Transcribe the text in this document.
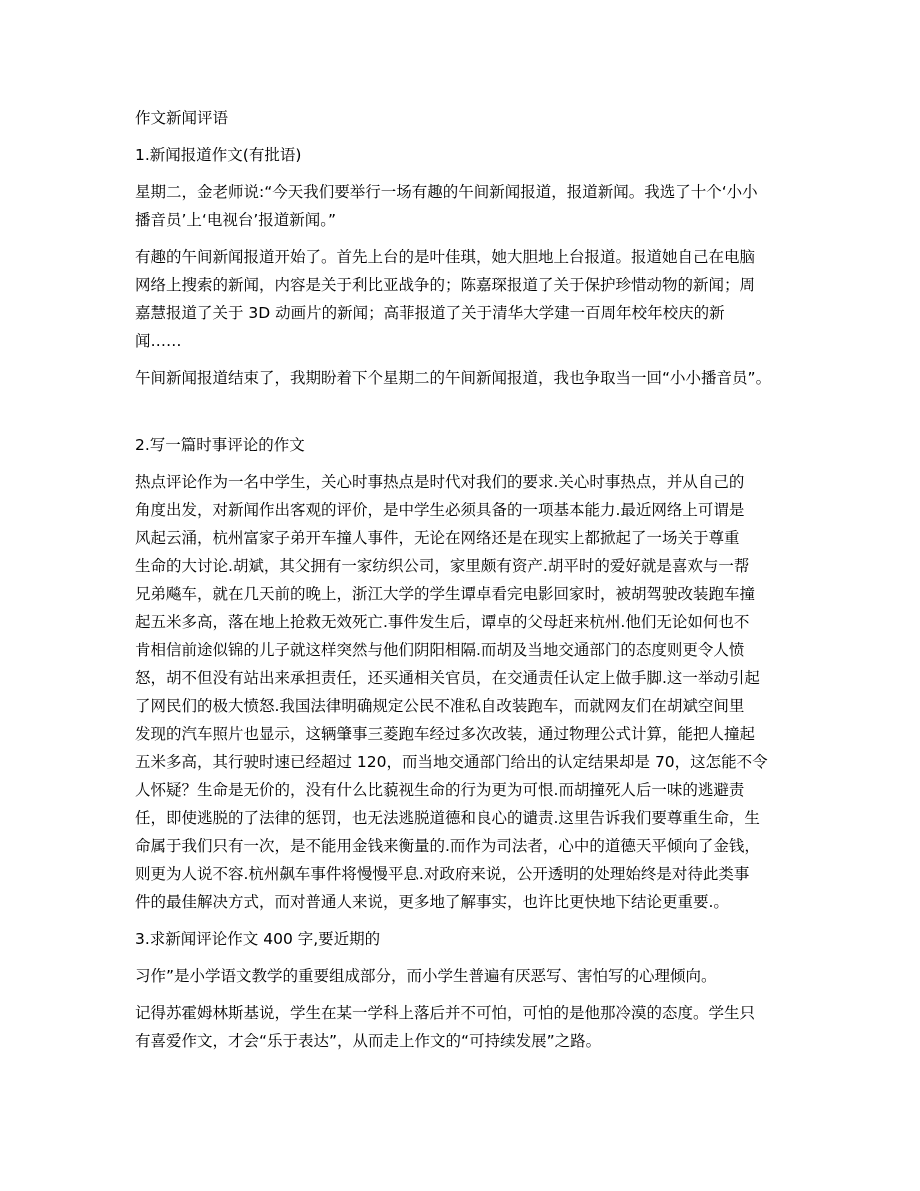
作文新闻评语

1.新闻报道作文(有批语)

星期二，金老师说:“今天我们要举行一场有趣的午间新闻报道，报道新闻。我选了十个‘小小
播音员’上‘电视台’报道新闻。”

有趣的午间新闻报道开始了。首先上台的是叶佳琪，她大胆地上台报道。报道她自己在电脑
网络上搜索的新闻，内容是关于利比亚战争的；陈嘉琛报道了关于保护珍惜动物的新闻；周
嘉慧报道了关于 3D 动画片的新闻；高菲报道了关于清华大学建一百周年校年校庆的新
闻……

午间新闻报道结束了，我期盼着下个星期二的午间新闻报道，我也争取当一回“小小播音员”。

2.写一篇时事评论的作文

热点评论作为一名中学生，关心时事热点是时代对我们的要求.关心时事热点，并从自己的
角度出发，对新闻作出客观的评价，是中学生必须具备的一项基本能力.最近网络上可谓是
风起云涌，杭州富家子弟开车撞人事件，无论在网络还是在现实上都掀起了一场关于尊重
生命的大讨论.胡斌，其父拥有一家纺织公司，家里颇有资产.胡平时的爱好就是喜欢与一帮
兄弟飚车，就在几天前的晚上，浙江大学的学生谭卓看完电影回家时，被胡驾驶改装跑车撞
起五米多高，落在地上抢救无效死亡.事件发生后，谭卓的父母赶来杭州.他们无论如何也不
肯相信前途似锦的儿子就这样突然与他们阴阳相隔.而胡及当地交通部门的态度则更令人愤
怒，胡不但没有站出来承担责任，还买通相关官员，在交通责任认定上做手脚.这一举动引起
了网民们的极大愤怒.我国法律明确规定公民不准私自改装跑车，而就网友们在胡斌空间里
发现的汽车照片也显示，这辆肇事三菱跑车经过多次改装，通过物理公式计算，能把人撞起
五米多高，其行驶时速已经超过 120，而当地交通部门给出的认定结果却是 70，这怎能不令
人怀疑？生命是无价的，没有什么比藐视生命的行为更为可恨.而胡撞死人后一味的逃避责
任，即使逃脱的了法律的惩罚，也无法逃脱道德和良心的谴责.这里告诉我们要尊重生命，生
命属于我们只有一次，是不能用金钱来衡量的.而作为司法者，心中的道德天平倾向了金钱，
则更为人说不容.杭州飙车事件将慢慢平息.对政府来说，公开透明的处理始终是对待此类事
件的最佳解决方式，而对普通人来说，更多地了解事实，也许比更快地下结论更重要.。

3.求新闻评论作文 400 字,要近期的

习作”是小学语文教学的重要组成部分，而小学生普遍有厌恶写、害怕写的心理倾向。

记得苏霍姆林斯基说，学生在某一学科上落后并不可怕，可怕的是他那冷漠的态度。学生只
有喜爱作文，才会“乐于表达”，从而走上作文的“可持续发展”之路。
